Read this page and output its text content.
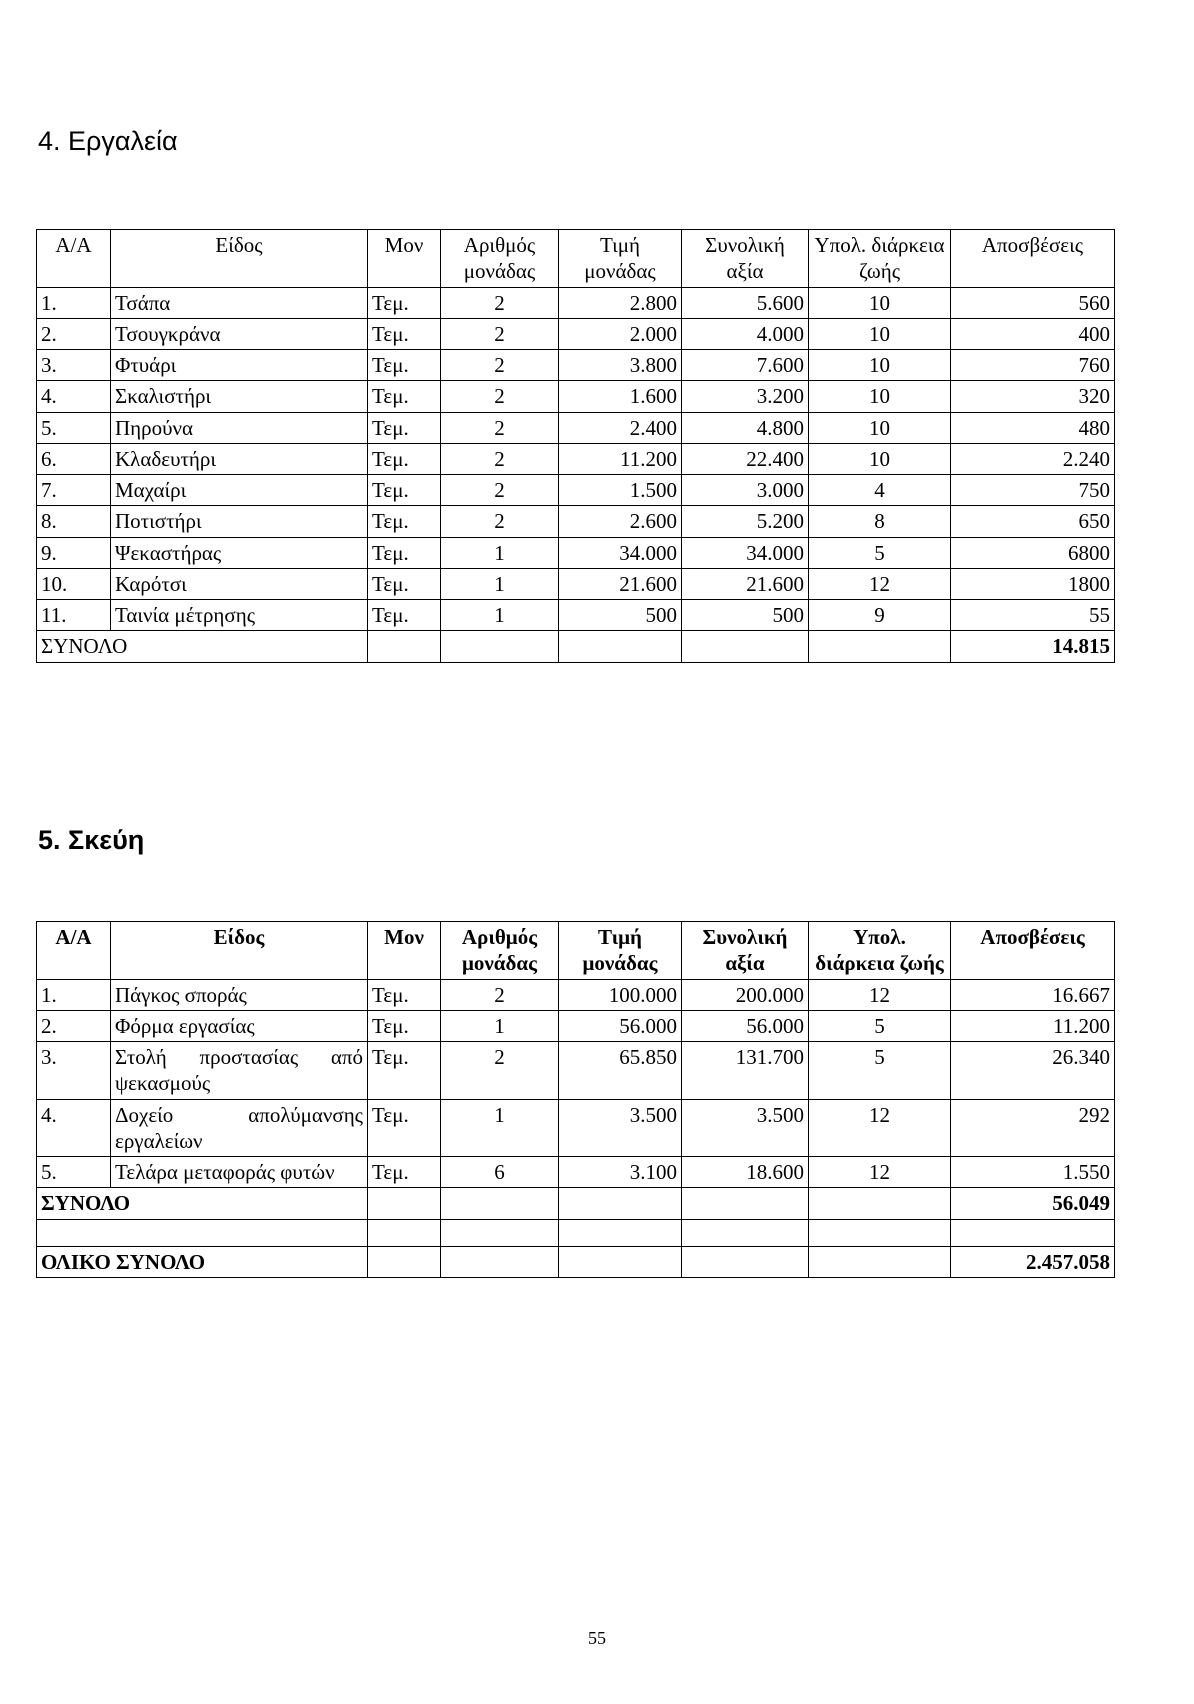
4. Εργαλεία
Α/Α	Είδος	Μον	Αριθμός μονάδας	Τιμή μονάδας	Συνολική αξία	Υπολ. διάρκεια ζωής	Αποσβέσεις
1.	Τσάπα	Τεμ.	2	2.800	5.600	10	560
2.	Τσουγκράνα	Τεμ.	2	2.000	4.000	10	400
3.	Φτυάρι	Τεμ.	2	3.800	7.600	10	760
4.	Σκαλιστήρι	Τεμ.	2	1.600	3.200	10	320
5.	Πηρούνα	Τεμ.	2	2.400	4.800	10	480
6.	Κλαδευτήρι	Τεμ.	2	11.200	22.400	10	2.240
7.	Μαχαίρι	Τεμ.	2	1.500	3.000	4	750
8.	Ποτιστήρι	Τεμ.	2	2.600	5.200	8	650
9.	Ψεκαστήρας	Τεμ.	1	34.000	34.000	5	6800
10.	Καρότσι	Τεμ.	1	21.600	21.600	12	1800
11.	Ταινία μέτρησης	Τεμ.	1	500	500	9	55
ΣΥΝΟΛΟ							14.815
5. Σκεύη
Α/Α	Είδος	Μον	Αριθμός μονάδας	Τιμή μονάδας	Συνολική αξία	Υπολ. διάρκεια ζωής	Αποσβέσεις
1.	Πάγκος σποράς	Τεμ.	2	100.000	200.000	12	16.667
2.	Φόρμα εργασίας	Τεμ.	1	56.000	56.000	5	11.200
3.	Στολή προστασίας από ψεκασμούς	Τεμ.	2	65.850	131.700	5	26.340
4.	Δοχείο απολύμανσης εργαλείων	Τεμ.	1	3.500	3.500	12	292
5.	Τελάρα μεταφοράς φυτών	Τεμ.	6	3.100	18.600	12	1.550
ΣΥΝΟΛΟ							56.049

ΟΛΙΚΟ ΣΥΝΟΛΟ							2.457.058
55
